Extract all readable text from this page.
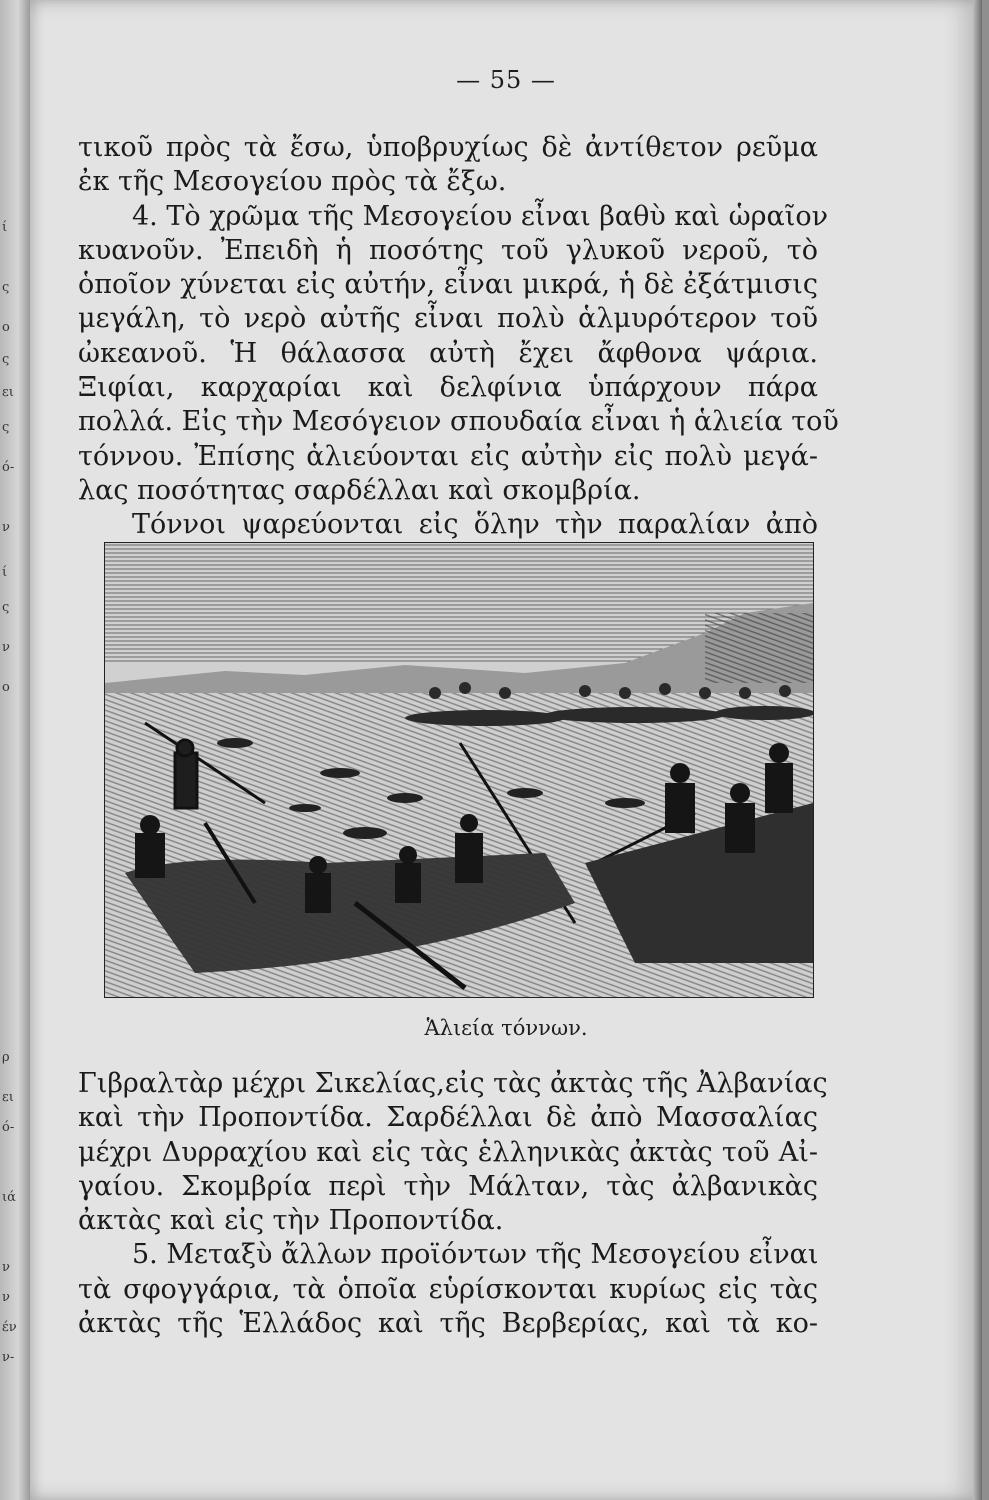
ί
ς
ο
ς
ει
ς
ό-
ν
ί
ς
ν
ο
ρ
ει
ό-
ιά
ν
ν
έν
ν-
— 55 —
τικοῦ πρὸς τὰ ἔσω, ὑποβρυχίως δὲ ἀντίθετον ρεῦμα
ἐκ τῆς Μεσογείου πρὸς τὰ ἔξω.
4. Τὸ χρῶμα τῆς Μεσογείου εἶναι βαθὺ καὶ ὡραῖον
κυανοῦν. Ἐπειδὴ ἡ ποσότης τοῦ γλυκοῦ νεροῦ, τὸ
ὁποῖον χύνεται εἰς αὐτήν, εἶναι μικρά, ἡ δὲ ἐξάτμισις
μεγάλη, τὸ νερὸ αὐτῆς εἶναι πολὺ ἁλμυρότερον τοῦ
ὠκεανοῦ. Ἡ θάλασσα αὐτὴ ἔχει ἄφθονα ψάρια.
Ξιφίαι, καρχαρίαι καὶ δελφίνια ὑπάρχουν πάρα
πολλά. Εἰς τὴν Μεσόγειον σπουδαία εἶναι ἡ ἁλιεία τοῦ
τόννου. Ἐπίσης ἁλιεύονται εἰς αὐτὴν εἰς πολὺ μεγά-
λας ποσότητας σαρδέλλαι καὶ σκομβρία.
Τόννοι ψαρεύονται εἰς ὅλην τὴν παραλίαν ἀπὸ
Ἁλιεία τόννων.
Γιβραλτὰρ μέχρι Σικελίας,εἰς τὰς ἀκτὰς τῆς Ἀλβανίας
καὶ τὴν Προποντίδα. Σαρδέλλαι δὲ ἀπὸ Μασσαλίας
μέχρι Δυρραχίου καὶ εἰς τὰς ἑλληνικὰς ἀκτὰς τοῦ Αἰ-
γαίου. Σκομβρία περὶ τὴν Μάλταν, τὰς ἀλβανικὰς
ἀκτὰς καὶ εἰς τὴν Προποντίδα.
5. Μεταξὺ ἄλλων προϊόντων τῆς Μεσογείου εἶναι
τὰ σφογγάρια, τὰ ὁποῖα εὑρίσκονται κυρίως εἰς τὰς
ἀκτὰς τῆς Ἑλλάδος καὶ τῆς Βερβερίας, καὶ τὰ κο-
